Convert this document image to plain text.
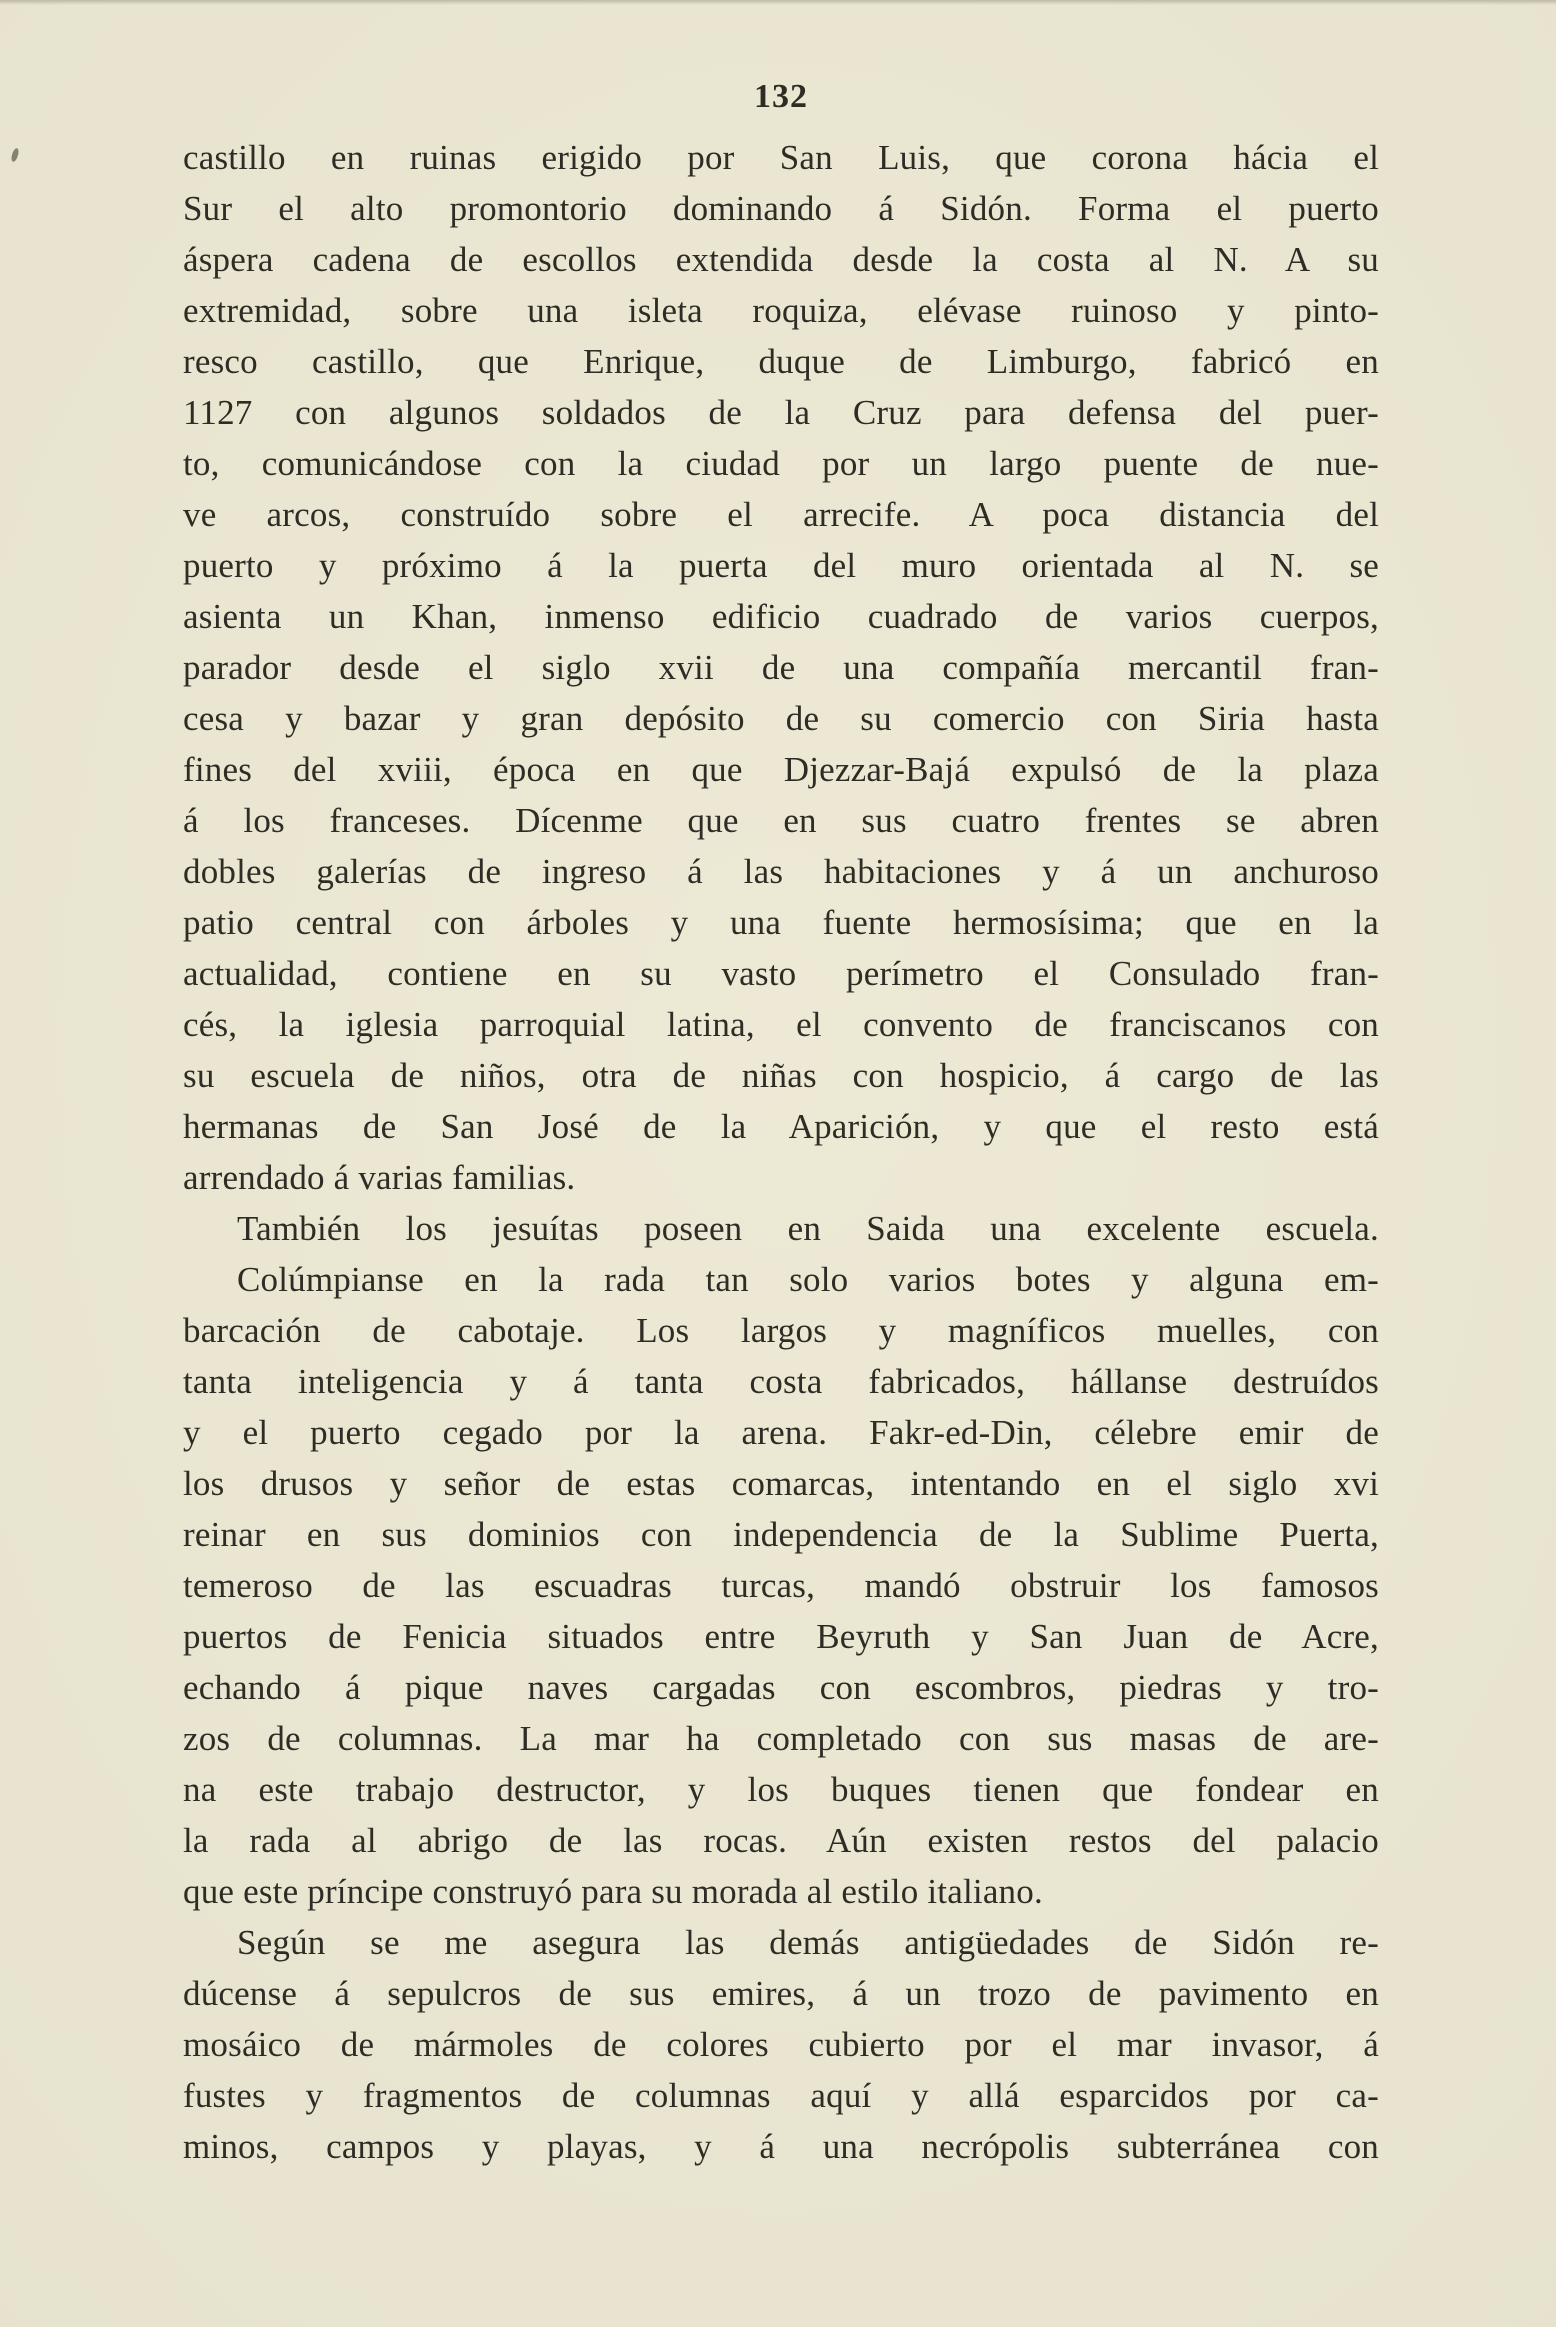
132
castillo en ruinas erigido por San Luis, que corona hácia el
Sur el alto promontorio dominando á Sidón. Forma el puerto
áspera cadena de escollos extendida desde la costa al N. A su
extremidad, sobre una isleta roquiza, elévase ruinoso y pinto-
resco castillo, que Enrique, duque de Limburgo, fabricó en
1127 con algunos soldados de la Cruz para defensa del puer-
to, comunicándose con la ciudad por un largo puente de nue-
ve arcos, construído sobre el arrecife. A poca distancia del
puerto y próximo á la puerta del muro orientada al N. se
asienta un Khan, inmenso edificio cuadrado de varios cuerpos,
parador desde el siglo xvii de una compañía mercantil fran-
cesa y bazar y gran depósito de su comercio con Siria hasta
fines del xviii, época en que Djezzar-Bajá expulsó de la plaza
á los franceses. Dícenme que en sus cuatro frentes se abren
dobles galerías de ingreso á las habitaciones y á un anchuroso
patio central con árboles y una fuente hermosísima; que en la
actualidad, contiene en su vasto perímetro el Consulado fran-
cés, la iglesia parroquial latina, el convento de franciscanos con
su escuela de niños, otra de niñas con hospicio, á cargo de las
hermanas de San José de la Aparición, y que el resto está
arrendado á varias familias.
También los jesuítas poseen en Saida una excelente escuela.
Colúmpianse en la rada tan solo varios botes y alguna em-
barcación de cabotaje. Los largos y magníficos muelles, con
tanta inteligencia y á tanta costa fabricados, hállanse destruídos
y el puerto cegado por la arena. Fakr-ed-Din, célebre emir de
los drusos y señor de estas comarcas, intentando en el siglo xvi
reinar en sus dominios con independencia de la Sublime Puerta,
temeroso de las escuadras turcas, mandó obstruir los famosos
puertos de Fenicia situados entre Beyruth y San Juan de Acre,
echando á pique naves cargadas con escombros, piedras y tro-
zos de columnas. La mar ha completado con sus masas de are-
na este trabajo destructor, y los buques tienen que fondear en
la rada al abrigo de las rocas. Aún existen restos del palacio
que este príncipe construyó para su morada al estilo italiano.
Según se me asegura las demás antigüedades de Sidón re-
dúcense á sepulcros de sus emires, á un trozo de pavimento en
mosáico de mármoles de colores cubierto por el mar invasor, á
fustes y fragmentos de columnas aquí y allá esparcidos por ca-
minos, campos y playas, y á una necrópolis subterránea con
